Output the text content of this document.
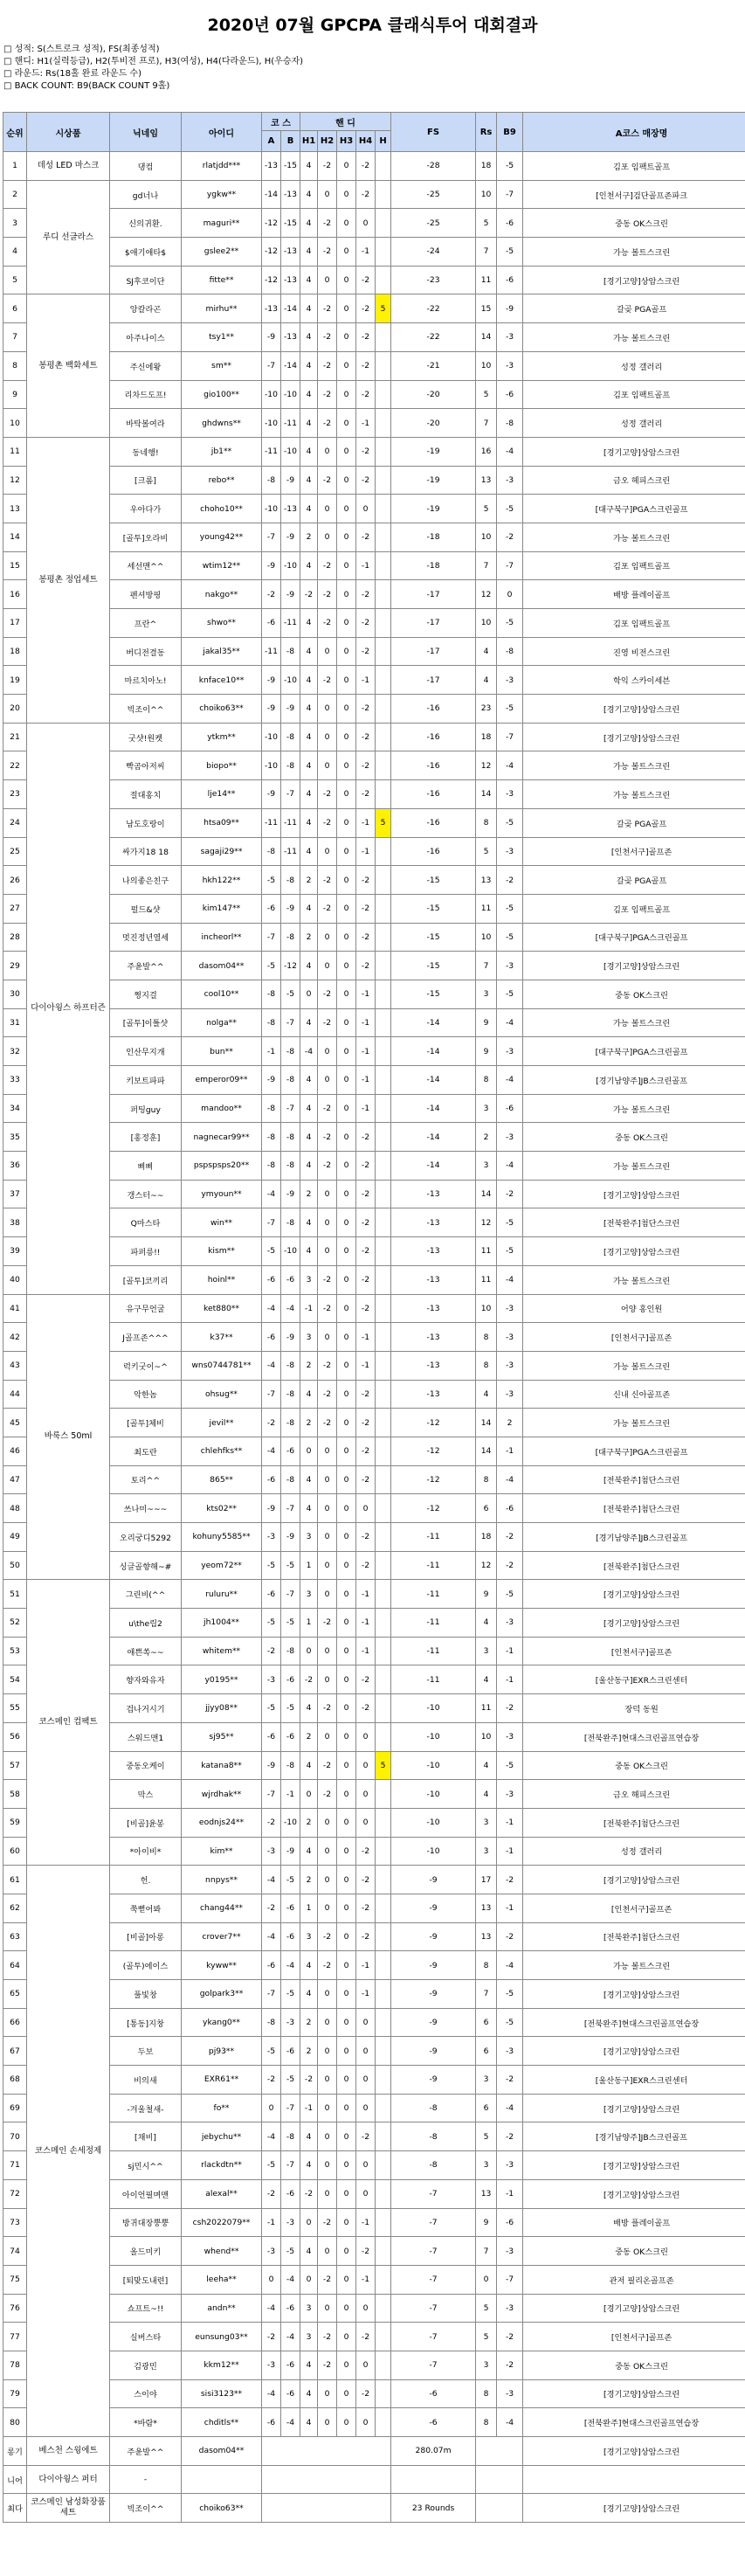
2020년 07월 GPCPA 클래식투어 대회결과
□ 성적: S(스트로크 성적), FS(최종성적)
□ 핸디: H1(실력등급), H2(투비전 프로), H3(여성), H4(다라운드), H(우승자)
□ 라운드: Rs(18홀 완료 라운드 수)
□ BACK COUNT: B9(BACK COUNT 9홀)
순위	시상품	닉네임	아이디	코 스		핸 디					FS	Rs	B9	A코스 매장명
				A	B	H1	H2	H3	H4	H				
1	데성 LED 마스크	댕컴	rlatjdd***	-13	-15	4	-2	0	-2		-28	18	-5	김포 임팩트골프
2	루디 선글라스	gd너나	ygkw**	-14	-13	4	0	0	-2		-25	10	-7	[인천서구]검단골프존파크
3		신의귀환.	maguri**	-12	-15	4	-2	0	0		-25	5	-6	중동 OK스크린
4		$애기애타$	gslee2**	-12	-13	4	-2	0	-1		-24	7	-5	가능 볼트스크린
5		SJ후코이단	fitte**	-12	-13	4	0	0	-2		-23	11	-6	[경기고양]상암스크린
6	봉평촌 백화세트	앙칼라곤	mirhu**	-13	-14	4	-2	0	-2	5	-22	15	-9	갈곶 PGA골프
7		아주나이스	tsy1**	-9	-13	4	-2	0	-2		-22	14	-3	가능 볼트스크린
8		주신에왕	sm**	-7	-14	4	-2	0	-2		-21	10	-3	성정 갤러리
9		리차드도프!	gio100**	-10	-10	4	-2	0	-2		-20	5	-6	김포 임팩트골프
10		바탁볼여라	ghdwns**	-10	-11	4	-2	0	-1		-20	7	-8	성정 갤러리
11	봉평촌 정업세트	동네행!	jb1**	-11	-10	4	0	0	-2		-19	16	-4	[경기고양]상암스크린
12		[크롬]	rebo**	-8	-9	4	-2	0	-2		-19	13	-3	금오 헤피스크린
13		우아다가	choho10**	-10	-13	4	0	0	0		-19	5	-5	[대구북구]PGA스크린골프
14		[골투]오라비	young42**	-7	-9	2	0	0	-2		-18	10	-2	가능 볼트스크린
15		세선맨^^	wtim12**	-9	-10	4	-2	0	-1		-18	7	-7	김포 임팩트골프
16		펜셔방핑	nakgo**	-2	-9	-2	-2	0	-2		-17	12	0	배방 플레이골프
17		프란^	shwo**	-6	-11	4	-2	0	-2		-17	10	-5	김포 임팩트골프
18		버디전결동	jakal35**	-11	-8	4	0	0	-2		-17	4	-8	진영 비전스크린
19		마르치아노!	knface10**	-9	-10	4	-2	0	-1		-17	4	-3	학익 스카이세븐
20		빅조이^^	choiko63**	-9	-9	4	0	0	-2		-16	23	-5	[경기고양]상암스크린
21	다이아윙스 하프터즌	굿샷!원켓	ytkm**	-10	-8	4	0	0	-2		-16	18	-7	[경기고양]상암스크린
22		빡곰아저씨	biopo**	-10	-8	4	0	0	-2		-16	12	-4	가능 볼트스크린
23		절대홍치	lje14**	-9	-7	4	-2	0	-2		-16	14	-3	가능 볼트스크린
24		남도호랑이	htsa09**	-11	-11	4	-2	0	-1	5	-16	8	-5	갈곶 PGA골프
25		싸가지18 18	sagaji29**	-8	-11	4	0	0	-1		-16	5	-3	[인천서구]골프존
26		나의좋은친구	hkh122**	-5	-8	2	-2	0	-2		-15	13	-2	갈곶 PGA골프
27		펄드&샷	kim147**	-6	-9	4	-2	0	-2		-15	11	-5	김포 임팩트골프
28		멋진정년열세	incheorl**	-7	-8	2	0	0	-2		-15	10	-5	[대구북구]PGA스크린골프
29		주윤발^^	dasom04**	-5	-12	4	0	0	-2		-15	7	-3	[경기고양]상암스크린
30		쩡지걸	cool10**	-8	-5	0	-2	0	-1		-15	3	-5	중동 OK스크린
31		[골투]이틀샷	nolga**	-8	-7	4	-2	0	-1		-14	9	-4	가능 볼트스크린
32		인산무지개	bun**	-1	-8	-4	0	0	-1		-14	9	-3	[대구북구]PGA스크린골프
33		키보트파파	emperor09**	-9	-8	4	0	0	-1		-14	8	-4	[경기남양주]JB스크린골프
34		퍼팅guy	mandoo**	-8	-7	4	-2	0	-1		-14	3	-6	가능 볼트스크린
35		[홍정훈]	nagnecar99**	-8	-8	4	-2	0	-2		-14	2	-3	중동 OK스크린
36		삐삐	pspspsps20**	-8	-8	4	-2	0	-2		-14	3	-4	가능 볼트스크린
37		갱스터~~	ymyoun**	-4	-9	2	0	0	-2		-13	14	-2	[경기고양]상암스크린
38		Q마스타	win**	-7	-8	4	0	0	-2		-13	12	-5	[전북완주]첨단스크린
39		파퍼릉!!	kism**	-5	-10	4	0	0	-2		-13	11	-5	[경기고양]상암스크린
40		[골투]코끼리	hoinl**	-6	-6	3	-2	0	-2		-13	11	-4	가능 볼트스크린
41	바룩스 50ml	유구무언굴	ket880**	-4	-4	-1	-2	0	-2		-13	10	-3	어양 홍인원
42		J골프존^^^	k37**	-6	-9	3	0	0	-1		-13	8	-3	[인천서구]골프존
43		럭키굿이~^	wns0744781**	-4	-8	2	-2	0	-1		-13	8	-3	가능 볼트스크린
44		악한놈	ohsug**	-7	-8	4	-2	0	-2		-13	4	-3	신내 신아골프존
45		[골투]체비	jevil**	-2	-8	2	-2	0	-2		-12	14	2	가능 볼트스크린
46		최도란	chlehfks**	-4	-6	0	0	0	-2		-12	14	-1	[대구북구]PGA스크린골프
47		토리^^	865**	-6	-8	4	0	0	-2		-12	8	-4	[전북완주]첨단스크린
48		쓰나미~~~	kts02**	-9	-7	4	0	0	0		-12	6	-6	[전북완주]첨단스크린
49		오리궁디5292	kohuny5585**	-3	-9	3	0	0	-2		-11	18	-2	[경기남양주]JB스크린골프
50		싱글골향해~#	yeom72**	-5	-5	1	0	0	-2		-11	12	-2	[전북완주]첨단스크린
51	코스메인 컴팩트	그린비(^^	ruluru**	-6	-7	3	0	0	-1		-11	9	-5	[경기고양]상암스크린
52		u\the립2	jh1004**	-5	-5	1	-2	0	-1		-11	4	-3	[경기고양]상암스크린
53		애쁜쏙~~	whitem**	-2	-8	0	0	0	-1		-11	3	-1	[인천서구]골프존
54		향자와유자	y0195**	-3	-6	-2	0	0	-2		-11	4	-1	[울산동구]EXR스크린센터
55		겁나거시기	jjyy08**	-5	-5	4	-2	0	-2		-10	11	-2	장덕 동원
56		스워드맨1	sj95**	-6	-6	2	0	0	0		-10	10	-3	[전북완주]현대스크린골프연습장
57		중동오케이	katana8**	-9	-8	4	-2	0	0	5	-10	4	-5	중동 OK스크린
58		막스	wjrdhak**	-7	-1	0	-2	0	0		-10	4	-3	금오 해피스크린
59		[비골]윤봉	eodnjs24**	-2	-10	2	0	0	0		-10	3	-1	[전북완주]첨단스크린
60		*아이비*	kim**	-3	-9	4	0	0	-2		-10	3	-1	성정 갤러리
61	코스메인 손세정제	헌.	nnpys**	-4	-5	2	0	0	-2		-9	17	-2	[경기고양]상암스크린
62		쭉뻗어봐	chang44**	-2	-6	1	0	0	-2		-9	13	-1	[인천서구]골프존
63		[비골]아롱	crover7**	-4	-6	3	-2	0	-2		-9	13	-2	[전북완주]첨단스크린
64		(골투)에이스	kyww**	-6	-4	4	-2	0	-1		-9	8	-4	가능 볼트스크린
65		풀빛창	golpark3**	-7	-5	4	0	0	-1		-9	7	-5	[경기고양]상암스크린
66		[통동]지창	ykang0**	-8	-3	2	0	0	0		-9	6	-5	[전북완주]현대스크린골프연습장
67		두보	pj93**	-5	-6	2	0	0	0		-9	6	-3	[경기고양]상암스크린
68		비의새	EXR61**	-2	-5	-2	0	0	0		-9	3	-2	[울산동구]EXR스크린센터
69		-겨울철새-	fo**	0	-7	-1	0	0	0		-8	6	-4	[경기고양]상암스크린
70		[채비]	jebychu**	-4	-8	4	0	0	-2		-8	5	-2	[경기남양주]JB스크린골프
71		sj민시^^	rlackdtn**	-5	-7	4	0	0	0		-8	3	-3	[경기고양]상암스크린
72		아이언필며맨	alexal**	-2	-6	-2	0	0	0		-7	13	-1	[경기고양]상암스크린
73		방귀대장뿡뿡	csh2022079**	-1	-3	0	-2	0	-1		-7	9	-6	배방 플레이골프
74		올드미키	whend**	-3	-5	4	0	0	-2		-7	7	-3	중동 OK스크린
75		[퇴맞도내련]	leeha**	0	-4	0	-2	0	-1		-7	0	-7	관저 필리온골프존
76		쇼프트~!!	andn**	-4	-6	3	0	0	0		-7	5	-3	[경기고양]상암스크린
77		실버스타	eunsung03**	-2	-4	3	-2	0	-2		-7	5	-2	[인천서구]골프존
78		김광민	kkm12**	-3	-6	4	-2	0	0		-7	3	-2	중동 OK스크린
79		스이야	sisi3123**	-4	-6	4	0	0	-2		-6	8	-3	[경기고양]상암스크린
80		*바람*	chditls**	-6	-4	4	0	0	0		-6	8	-4	[전북완주]현대스크린골프연습장
롱기	베스천 스윙에트	주윤발^^	dasom04**								280.07m			[경기고양]상암스크린
니어	다이아윙스 퍼터	-												
최다	코스메인 남성화장품세트	빅조이^^	choiko63**								23 Rounds			[경기고양]상암스크린
